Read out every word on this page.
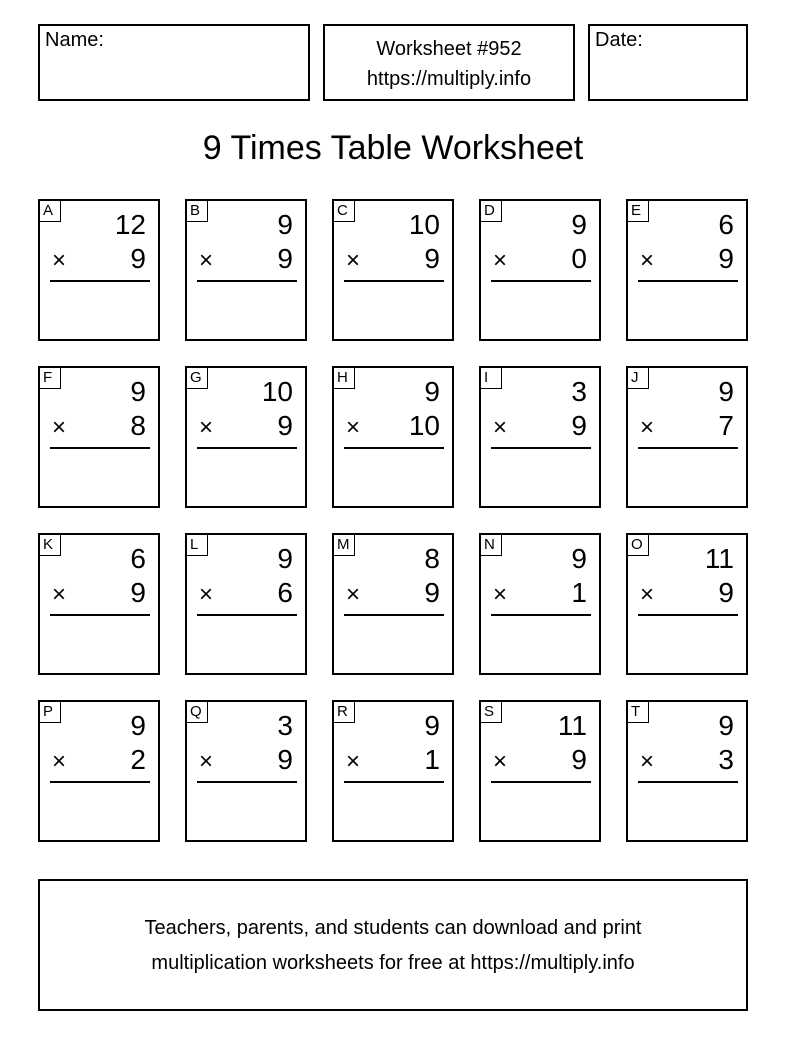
Name:	Worksheet #952
https://multiply.info
Date:
9 Times Table Worksheet
A 12
× 9
B	9
× 9
C 10
× 9
D	9
× 0
E	6
× 9
F	9
× 8
G 10
× 9
H	9
× 10
I	3
× 9
J	9
× 7
K	6
× 9
L	9
× 6
M	8
× 9
N	9
× 1
O 11
× 9
P	9
× 2
Q	3
× 9
R	9
× 1
S 11
× 9
T	9
× 3
Teachers, parents, and students can download and print
multiplication worksheets for free at https://multiply.info
